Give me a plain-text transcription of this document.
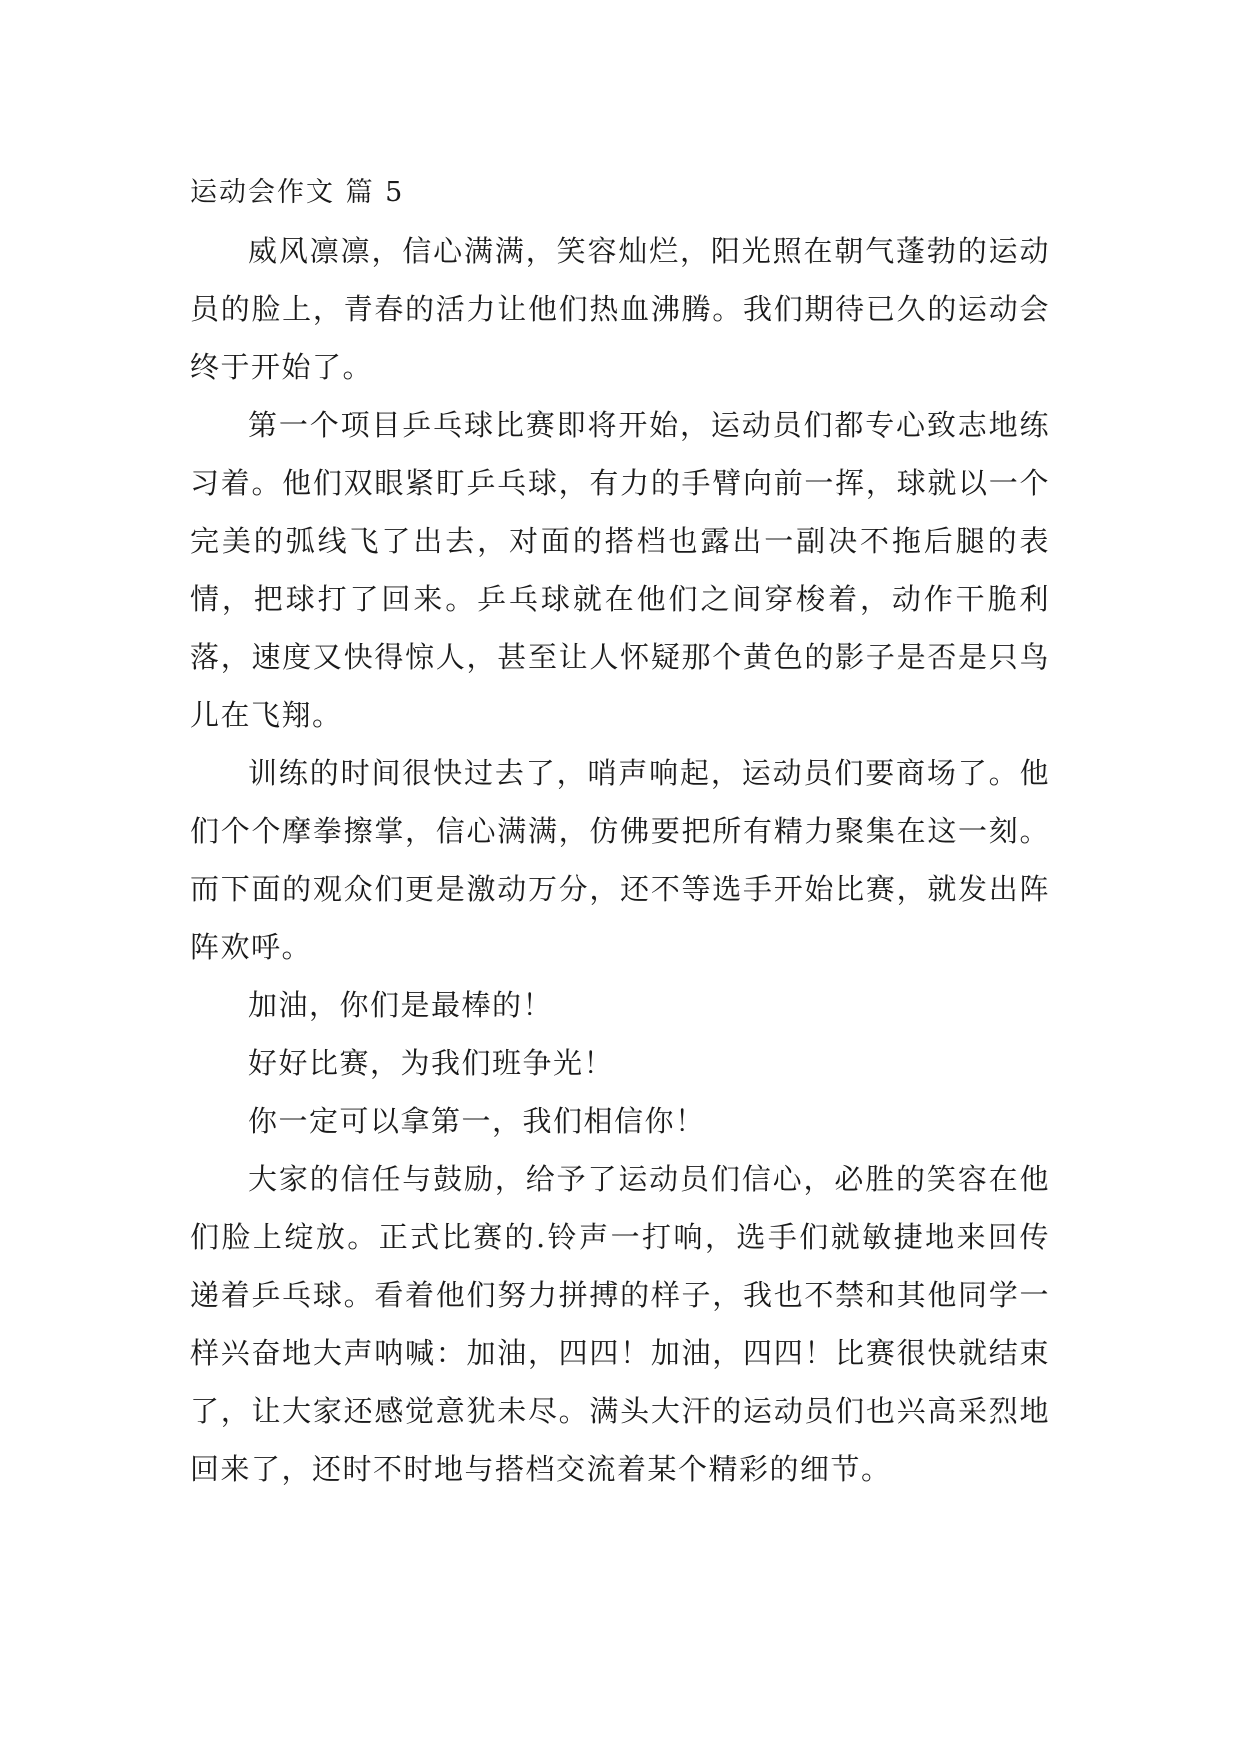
运动会作文 篇 5

威风凛凛，信心满满，笑容灿烂，阳光照在朝气蓬勃的运动员的脸上，青春的活力让他们热血沸腾。我们期待已久的运动会终于开始了。

第一个项目乒乓球比赛即将开始，运动员们都专心致志地练习着。他们双眼紧盯乒乓球，有力的手臂向前一挥，球就以一个完美的弧线飞了出去，对面的搭档也露出一副决不拖后腿的表情，把球打了回来。乒乓球就在他们之间穿梭着，动作干脆利落，速度又快得惊人，甚至让人怀疑那个黄色的影子是否是只鸟儿在飞翔。

训练的时间很快过去了，哨声响起，运动员们要商场了。他们个个摩拳擦掌，信心满满，仿佛要把所有精力聚集在这一刻。而下面的观众们更是激动万分，还不等选手开始比赛，就发出阵阵欢呼。

加油，你们是最棒的！

好好比赛，为我们班争光！

你一定可以拿第一，我们相信你！

大家的信任与鼓励，给予了运动员们信心，必胜的笑容在他们脸上绽放。正式比赛的.铃声一打响，选手们就敏捷地来回传递着乒乓球。看着他们努力拼搏的样子，我也不禁和其他同学一样兴奋地大声呐喊：加油，四四！加油，四四！比赛很快就结束了，让大家还感觉意犹未尽。满头大汗的运动员们也兴高采烈地回来了，还时不时地与搭档交流着某个精彩的细节。
